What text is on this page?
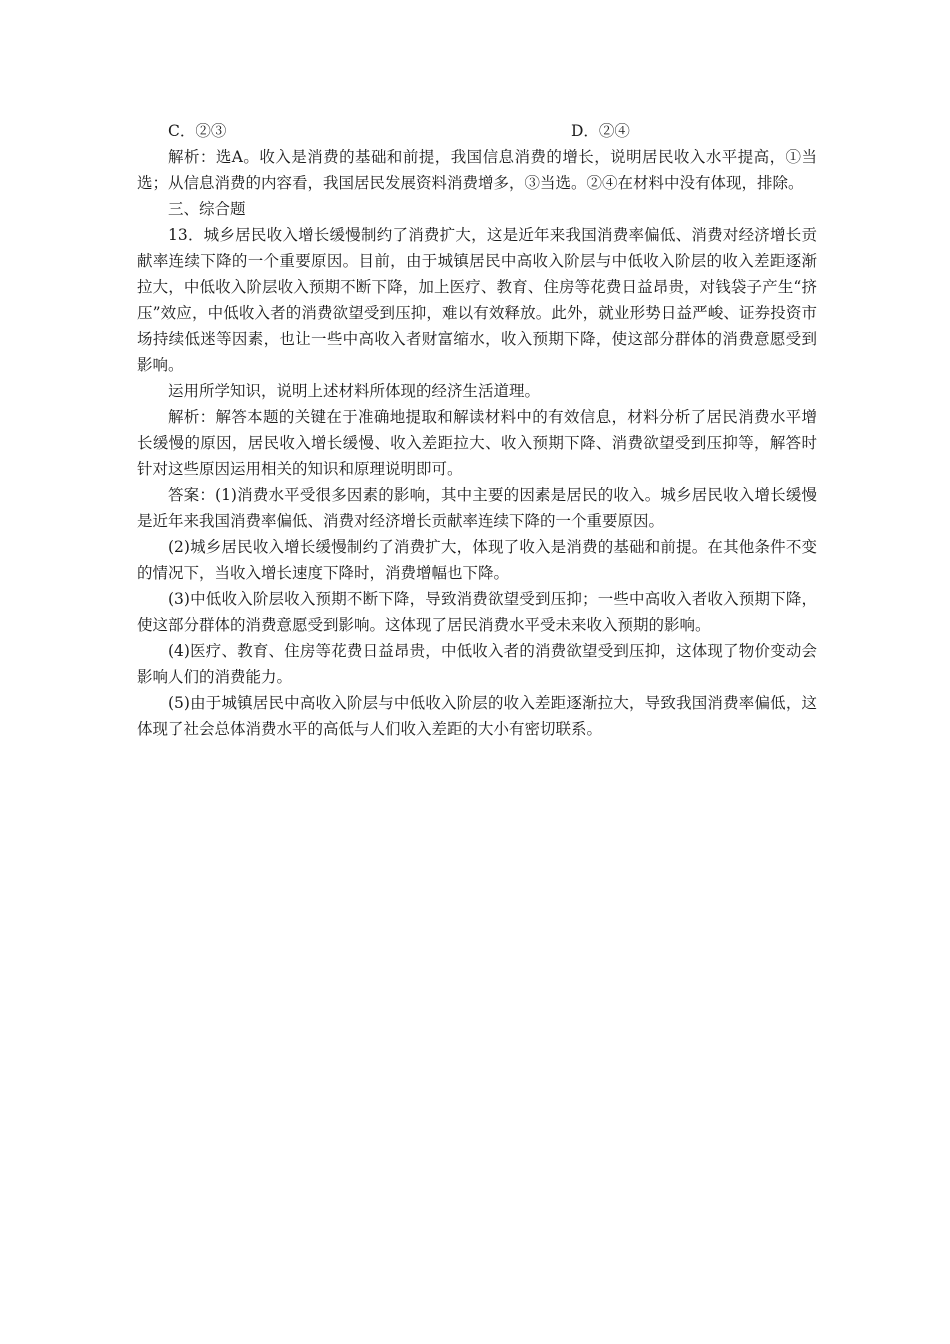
C．②③	D．②④

解析：选A。收入是消费的基础和前提，我国信息消费的增长，说明居民收入水平提高，①当选；从信息消费的内容看，我国居民发展资料消费增多，③当选。②④在材料中没有体现，排除。

三、综合题

13．城乡居民收入增长缓慢制约了消费扩大，这是近年来我国消费率偏低、消费对经济增长贡献率连续下降的一个重要原因。目前，由于城镇居民中高收入阶层与中低收入阶层的收入差距逐渐拉大，中低收入阶层收入预期不断下降，加上医疗、教育、住房等花费日益昂贵，对钱袋子产生“挤压”效应，中低收入者的消费欲望受到压抑，难以有效释放。此外，就业形势日益严峻、证券投资市场持续低迷等因素，也让一些中高收入者财富缩水，收入预期下降，使这部分群体的消费意愿受到影响。

运用所学知识，说明上述材料所体现的经济生活道理。

解析：解答本题的关键在于准确地提取和解读材料中的有效信息，材料分析了居民消费水平增长缓慢的原因，居民收入增长缓慢、收入差距拉大、收入预期下降、消费欲望受到压抑等，解答时针对这些原因运用相关的知识和原理说明即可。

答案：(1)消费水平受很多因素的影响，其中主要的因素是居民的收入。城乡居民收入增长缓慢是近年来我国消费率偏低、消费对经济增长贡献率连续下降的一个重要原因。

(2)城乡居民收入增长缓慢制约了消费扩大，体现了收入是消费的基础和前提。在其他条件不变的情况下，当收入增长速度下降时，消费增幅也下降。

(3)中低收入阶层收入预期不断下降，导致消费欲望受到压抑；一些中高收入者收入预期下降，使这部分群体的消费意愿受到影响。这体现了居民消费水平受未来收入预期的影响。

(4)医疗、教育、住房等花费日益昂贵，中低收入者的消费欲望受到压抑，这体现了物价变动会影响人们的消费能力。

(5)由于城镇居民中高收入阶层与中低收入阶层的收入差距逐渐拉大，导致我国消费率偏低，这体现了社会总体消费水平的高低与人们收入差距的大小有密切联系。
